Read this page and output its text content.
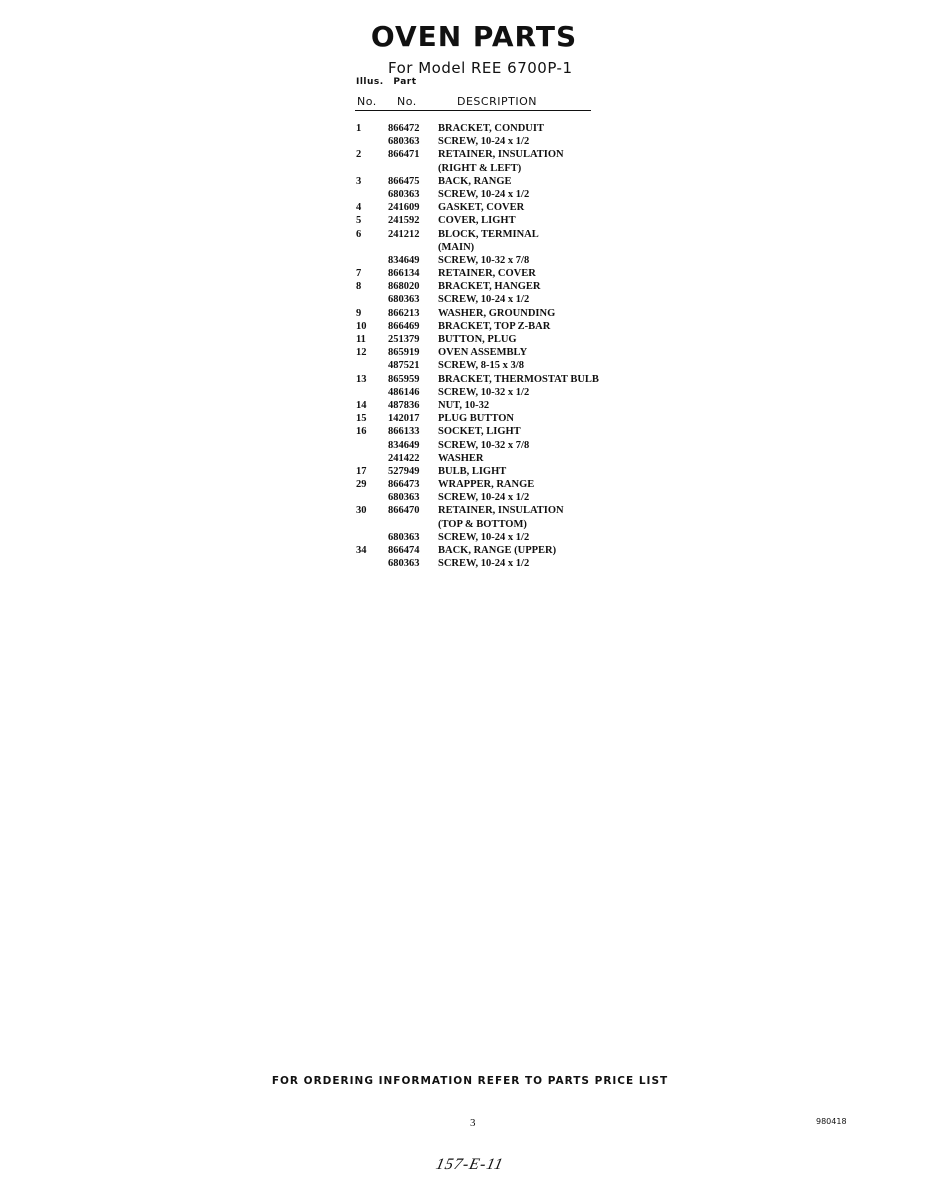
OVEN PARTS
For Model REE 6700P-1
Illus. Part
No. No.	DESCRIPTION
1	866472 BRACKET, CONDUIT
680363 SCREW, 10-24 x 1/2
2	866471 RETAINER, INSULATION
(RIGHT & LEFT)
3	866475 BACK, RANGE
680363 SCREW, 10-24 x 1/2
4	241609 GASKET, COVER
5	241592 COVER, LIGHT
6	241212 BLOCK, TERMINAL
(MAIN)
834649 SCREW, 10-32 x 7/8
7	866134 RETAINER, COVER
8	868020 BRACKET, HANGER
680363 SCREW, 10-24 x 1/2
9	866213 WASHER, GROUNDING
10	866469 BRACKET, TOP Z-BAR
11	251379 BUTTON, PLUG
12	865919 OVEN ASSEMBLY
487521 SCREW, 8-15 x 3/8
13	865959 BRACKET, THERMOSTAT BULB
486146 SCREW, 10-32 x 1/2
14	487836 NUT, 10-32
15	142017 PLUG BUTTON
16	866133 SOCKET, LIGHT
834649 SCREW, 10-32 x 7/8
241422 WASHER
17	527949 BULB, LIGHT
29	866473 WRAPPER, RANGE
680363 SCREW, 10-24 x 1/2
30	866470 RETAINER, INSULATION
(TOP & BOTTOM)
680363 SCREW, 10-24 x 1/2
34	866474 BACK, RANGE (UPPER)
680363 SCREW, 10-24 x 1/2
FOR ORDERING INFORMATION REFER TO PARTS PRICE LIST
3	980418
157-E-11
